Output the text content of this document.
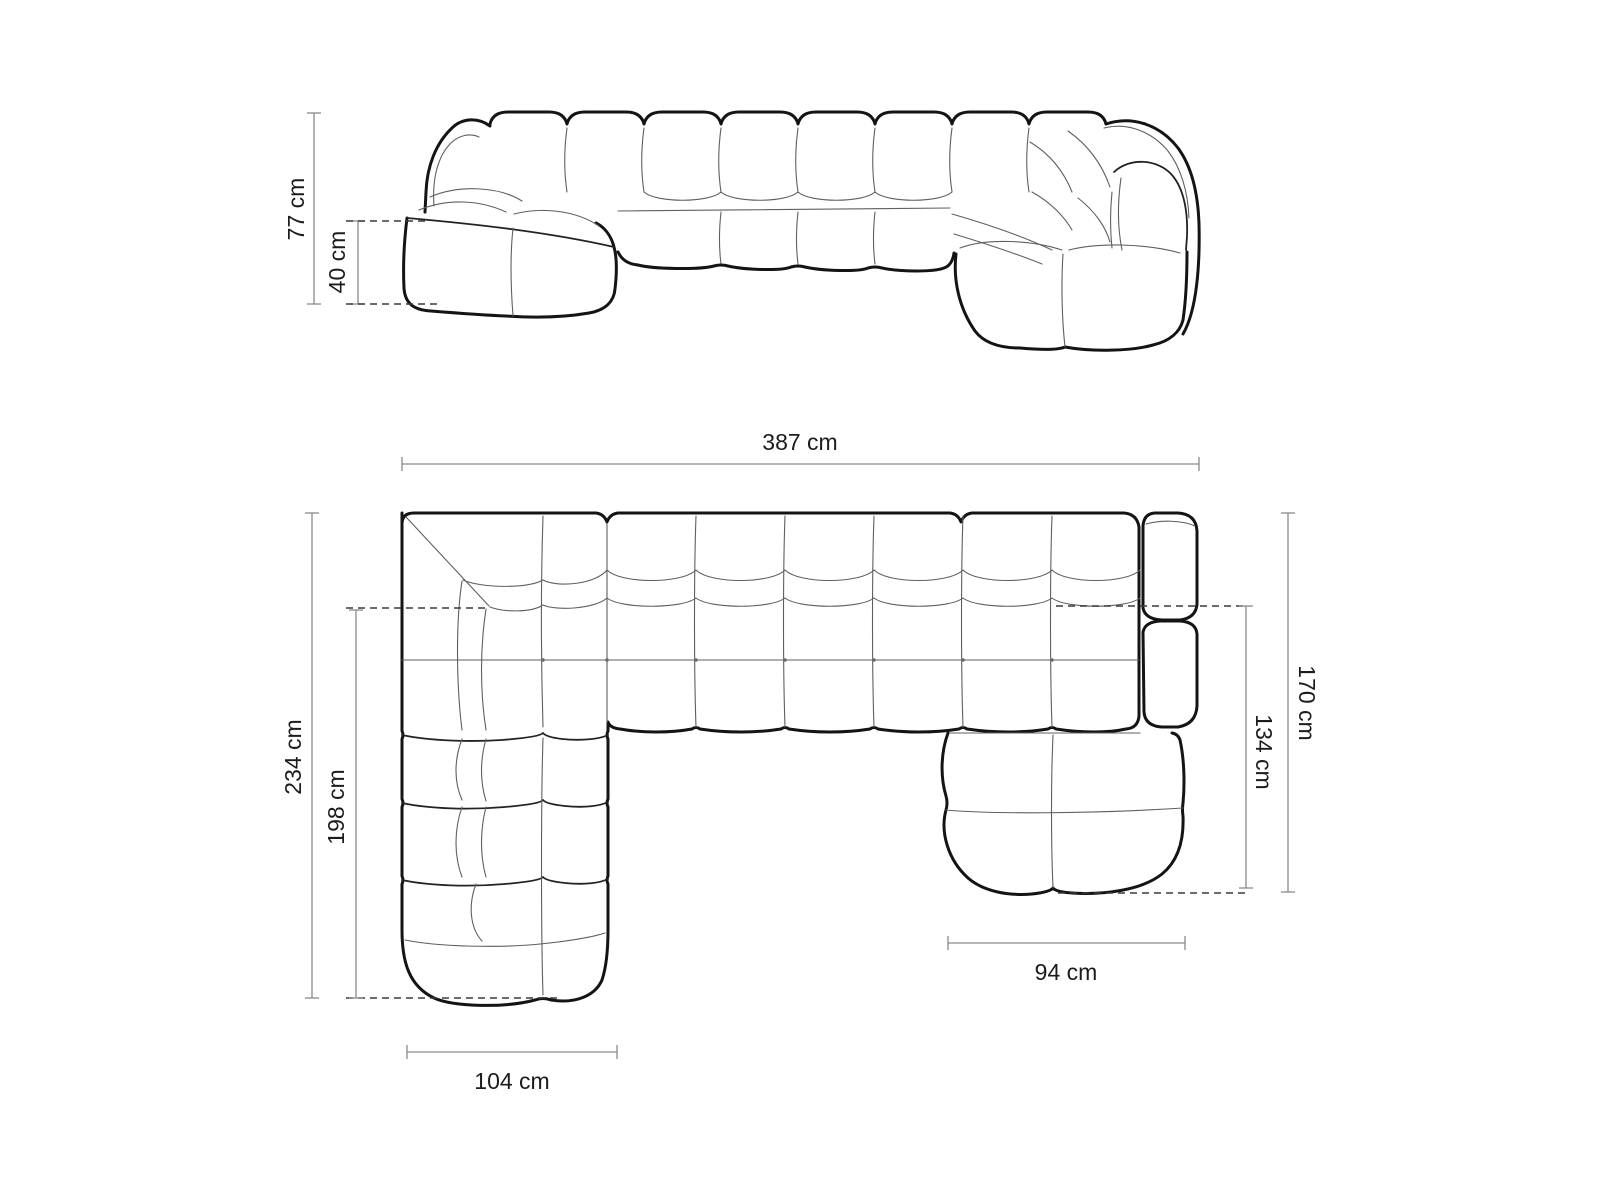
77 cm
40 cm
387 cm
234 cm
198 cm
170 cm
134 cm
94 cm
104 cm
